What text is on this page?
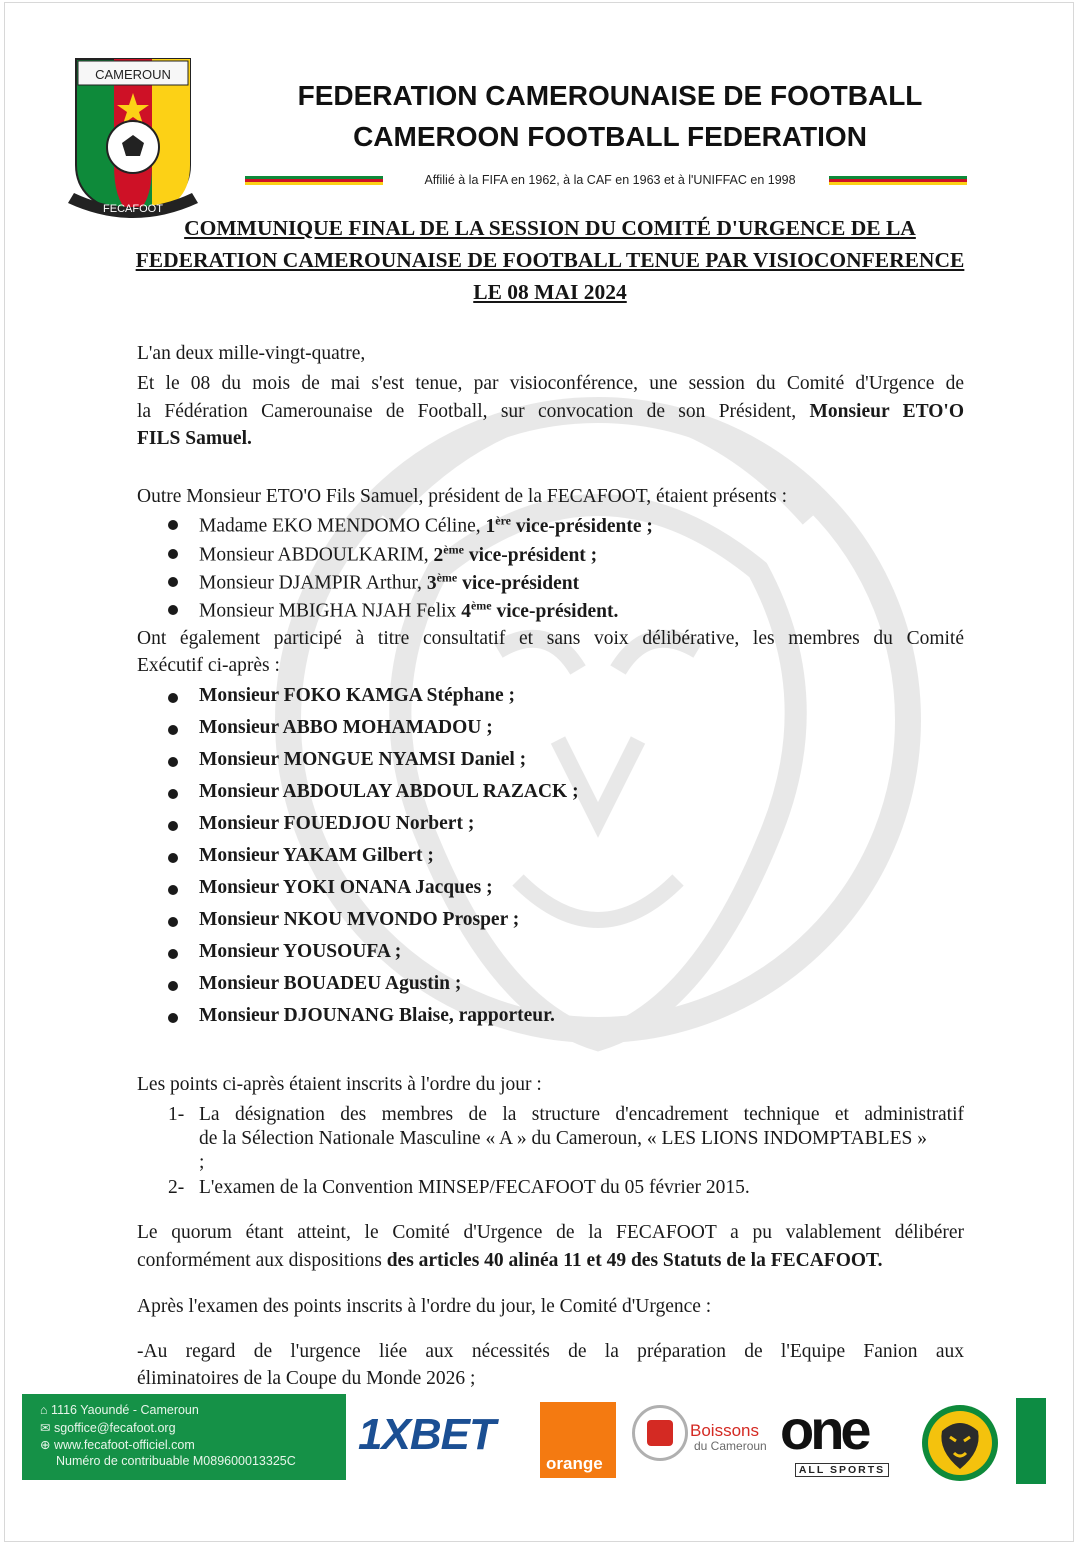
CAMEROUN
FECAFOOT
FEDERATION CAMEROUNAISE DE FOOTBALL
CAMEROON FOOTBALL FEDERATION
Affilié à la FIFA en 1962, à la CAF en 1963 et à l'UNIFFAC en 1998
COMMUNIQUE FINAL DE LA SESSION DU COMITÉ D'URGENCE DE LA
FEDERATION CAMEROUNAISE DE FOOTBALL TENUE PAR VISIOCONFERENCE
LE 08 MAI 2024
L'an deux mille-vingt-quatre,
Et le 08 du mois de mai s'est tenue, par visioconférence, une session du Comité d'Urgence de
la Fédération Camerounaise de Football, sur convocation de son Président, Monsieur ETO'O
FILS Samuel.
Outre Monsieur ETO'O Fils Samuel, président de la FECAFOOT, étaient présents :
Madame EKO MENDOMO Céline, 1ère vice-présidente ;
Monsieur ABDOULKARIM, 2ème vice-président ;
Monsieur DJAMPIR Arthur, 3ème vice-président
Monsieur MBIGHA NJAH Felix 4ème vice-président.
Ont également participé à titre consultatif et sans voix délibérative, les membres du Comité
Exécutif ci-après :
Monsieur FOKO KAMGA Stéphane ;
Monsieur ABBO MOHAMADOU ;
Monsieur MONGUE NYAMSI Daniel ;
Monsieur ABDOULAY ABDOUL RAZACK ;
Monsieur FOUEDJOU Norbert ;
Monsieur YAKAM Gilbert ;
Monsieur YOKI ONANA Jacques ;
Monsieur NKOU MVONDO Prosper ;
Monsieur YOUSOUFA ;
Monsieur BOUADEU Agustin ;
Monsieur DJOUNANG Blaise, rapporteur.
Les points ci-après étaient inscrits à l'ordre du jour :
1- La désignation des membres de la structure d'encadrement technique et administratif
de la Sélection Nationale Masculine « A » du Cameroun, « LES LIONS INDOMPTABLES »
;
2- L'examen de la Convention MINSEP/FECAFOOT du 05 février 2015.
Le quorum étant atteint, le Comité d'Urgence de la FECAFOOT a pu valablement délibérer
conformément aux dispositions des articles 40 alinéa 11 et 49 des Statuts de la FECAFOOT.
Après l'examen des points inscrits à l'ordre du jour, le Comité d'Urgence :
-Au regard de l'urgence liée aux nécessités de la préparation de l'Equipe Fanion aux
éliminatoires de la Coupe du Monde 2026 ;
⌂ 1116 Yaoundé - Cameroun
✉ sgoffice@fecafoot.org
⊕ www.fecafoot-officiel.com
Numéro de contribuable M089600013325C
1XBET
orange
Boissons
du Cameroun one
ALL SPORTS
